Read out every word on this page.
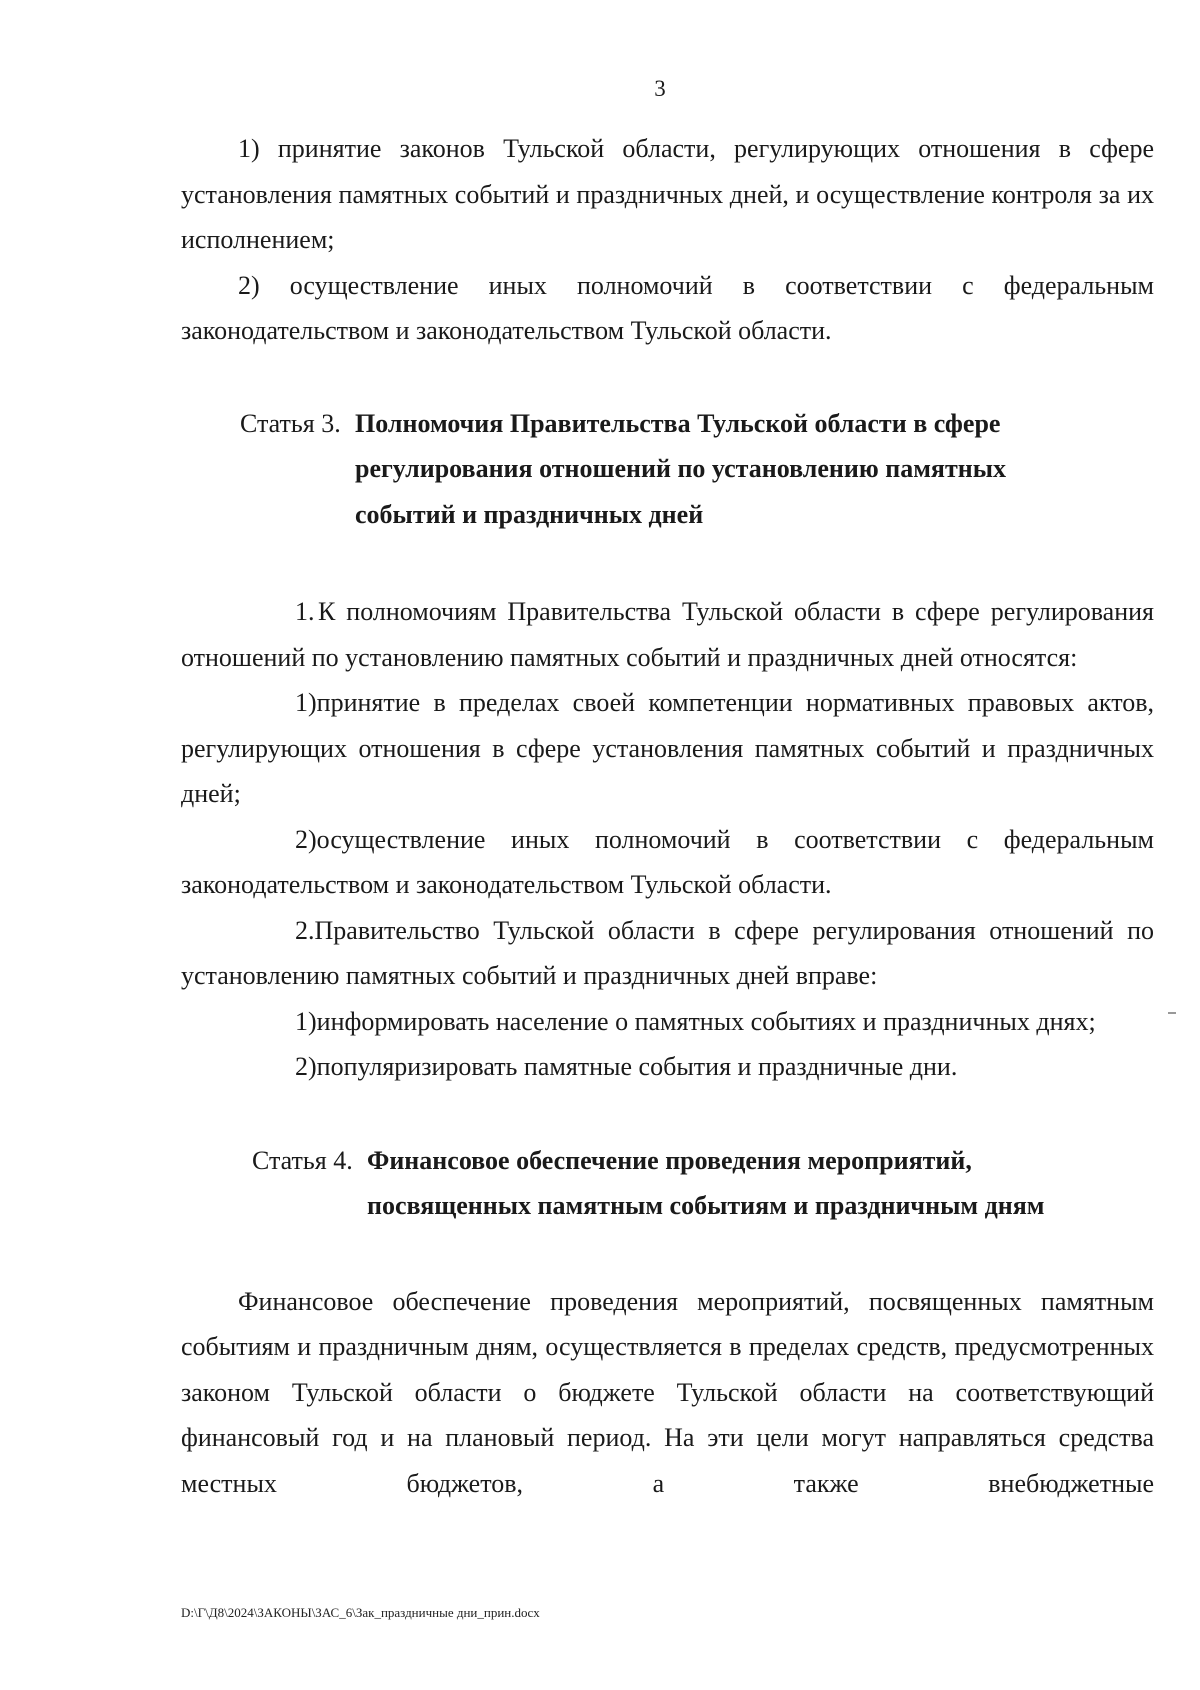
3

1) принятие законов Тульской области, регулирующих отношения в сфере установления памятных событий и праздничных дней, и осуществление контроля за их исполнением;

2) осуществление иных полномочий в соответствии с федеральным законодательством и законодательством Тульской области.

Статья 3. Полномочия Правительства Тульской области в сфере регулирования отношений по установлению памятных событий и праздничных дней

1. К полномочиям Правительства Тульской области в сфере регулирования отношений по установлению памятных событий и праздничных дней относятся:

1)принятие в пределах своей компетенции нормативных правовых актов, регулирующих отношения в сфере установления памятных событий и праздничных дней;

2)осуществление иных полномочий в соответствии с федеральным законодательством и законодательством Тульской области.

2.Правительство Тульской области в сфере регулирования отношений по установлению памятных событий и праздничных дней вправе:

1)информировать население о памятных событиях и праздничных днях;

2)популяризировать памятные события и праздничные дни.

Статья 4. Финансовое обеспечение проведения мероприятий, посвященных памятным событиям и праздничным дням

Финансовое обеспечение проведения мероприятий, посвященных памятным событиям и праздничным дням, осуществляется в пределах средств, предусмотренных законом Тульской области о бюджете Тульской области на соответствующий финансовый год и на плановый период. На эти цели могут направляться средства местных бюджетов, а также внебюджетные

D:\Г\Д8\2024\ЗАКОНЫ\ЗАС_6\Зак_праздничные дни_прин.docx
